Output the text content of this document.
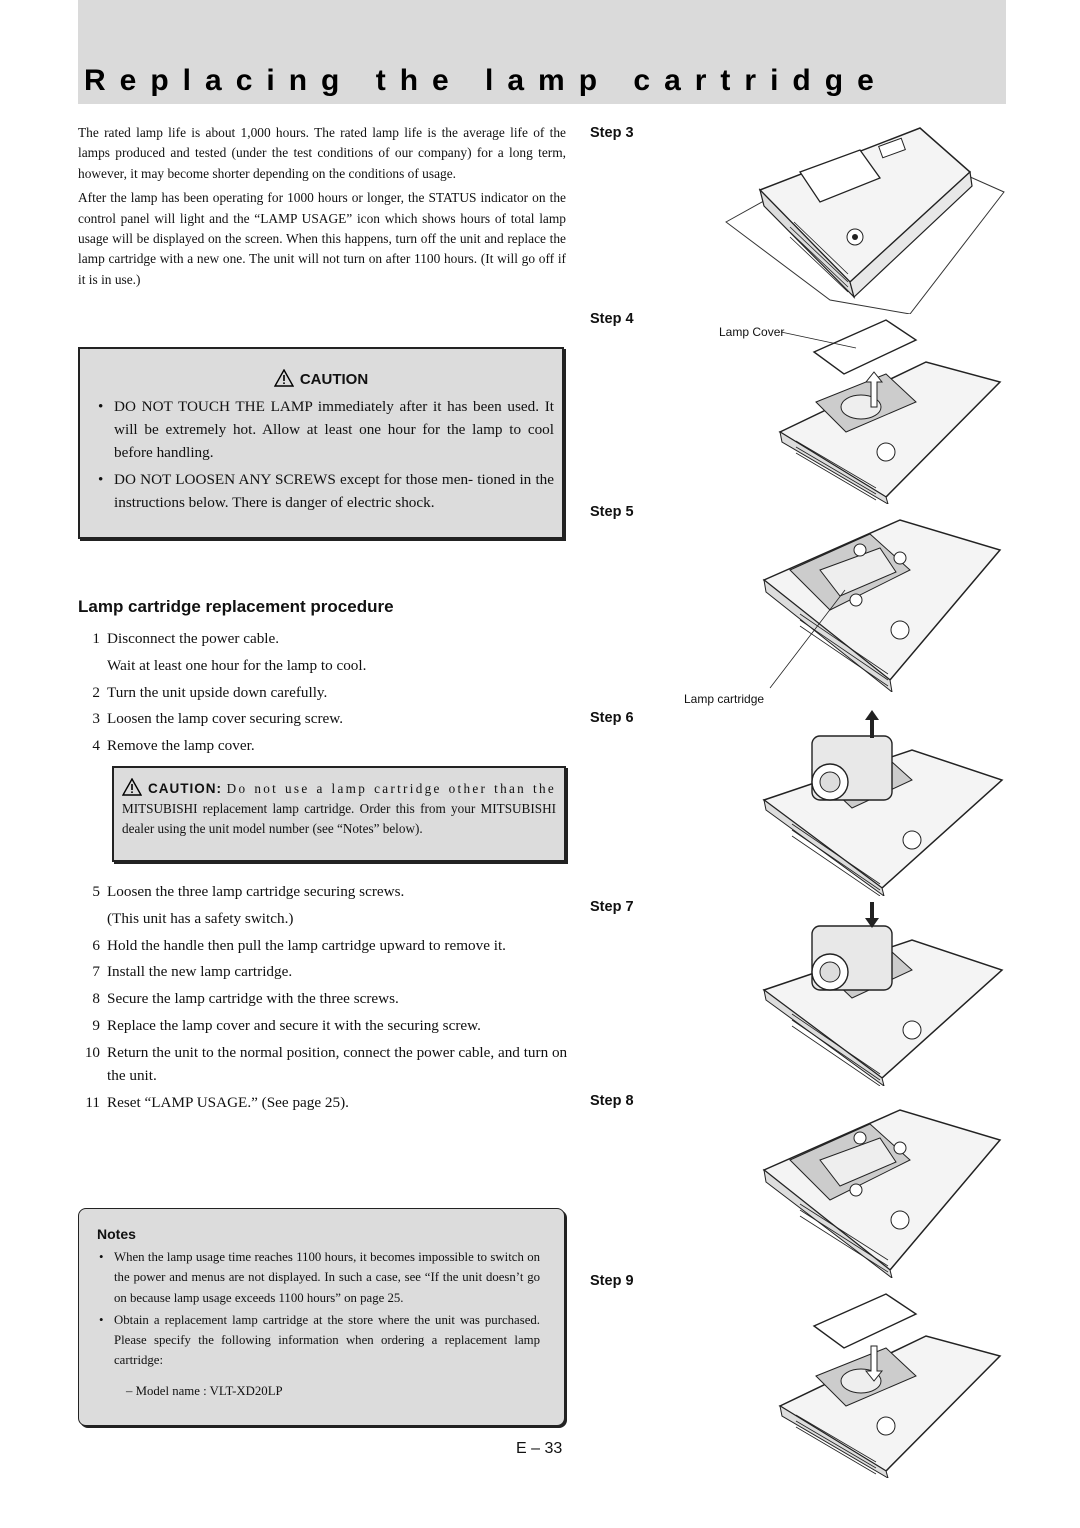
Replacing the lamp cartridge

The rated lamp life is about 1,000 hours. The rated lamp life is the average life of the lamps produced and tested (under the test conditions of our company) for a long term, however, it may become shorter depending on the conditions of usage.

After the lamp has been operating for 1000 hours or longer, the STATUS indicator on the control panel will light and the “LAMP USAGE” icon which shows hours of total lamp usage will be displayed on the screen. When this happens, turn off the unit and replace the lamp cartridge with a new one. The unit will not turn on after 1100 hours. (It will go off if it is in use.)

CAUTION
• DO NOT TOUCH THE LAMP immediately after it has been used. It will be extremely hot. Allow at least one hour for the lamp to cool before handling.
• DO NOT LOOSEN ANY SCREWS except for those men- tioned in the instructions below. There is danger of electric shock.
Lamp cartridge replacement procedure
1 Disconnect the power cable.
Wait at least one hour for the lamp to cool.
2 Turn the unit upside down carefully.
3 Loosen the lamp cover securing screw.
4 Remove the lamp cover.
CAUTION: Do not use a lamp cartridge other than the MITSUBISHI replacement lamp cartridge. Order this from your MITSUBISHI dealer using the unit model number (see “Notes” below).
5 Loosen the three lamp cartridge securing screws.
(This unit has a safety switch.)
6 Hold the handle then pull the lamp cartridge upward to remove it.
7 Install the new lamp cartridge.
8 Secure the lamp cartridge with the three screws.
9 Replace the lamp cover and secure it with the securing screw.
10 Return the unit to the normal position, connect the power cable, and turn on the unit.
11 Reset “LAMP USAGE.” (See page 25).
Notes
• When the lamp usage time reaches 1100 hours, it becomes impossible to switch on the power and menus are not displayed. In such a case, see “If the unit doesn’t go on because lamp usage exceeds 1100 hours” on page 25.
• Obtain a replacement lamp cartridge at the store where the unit was purchased. Please specify the following information when ordering a replacement lamp cartridge:
– Model name : VLT-XD20LP
E – 33
Step 3
Step 4
Step 5
Step 6
Step 7
Step 8
Step 9
Lamp Cover
Lamp cartridge
